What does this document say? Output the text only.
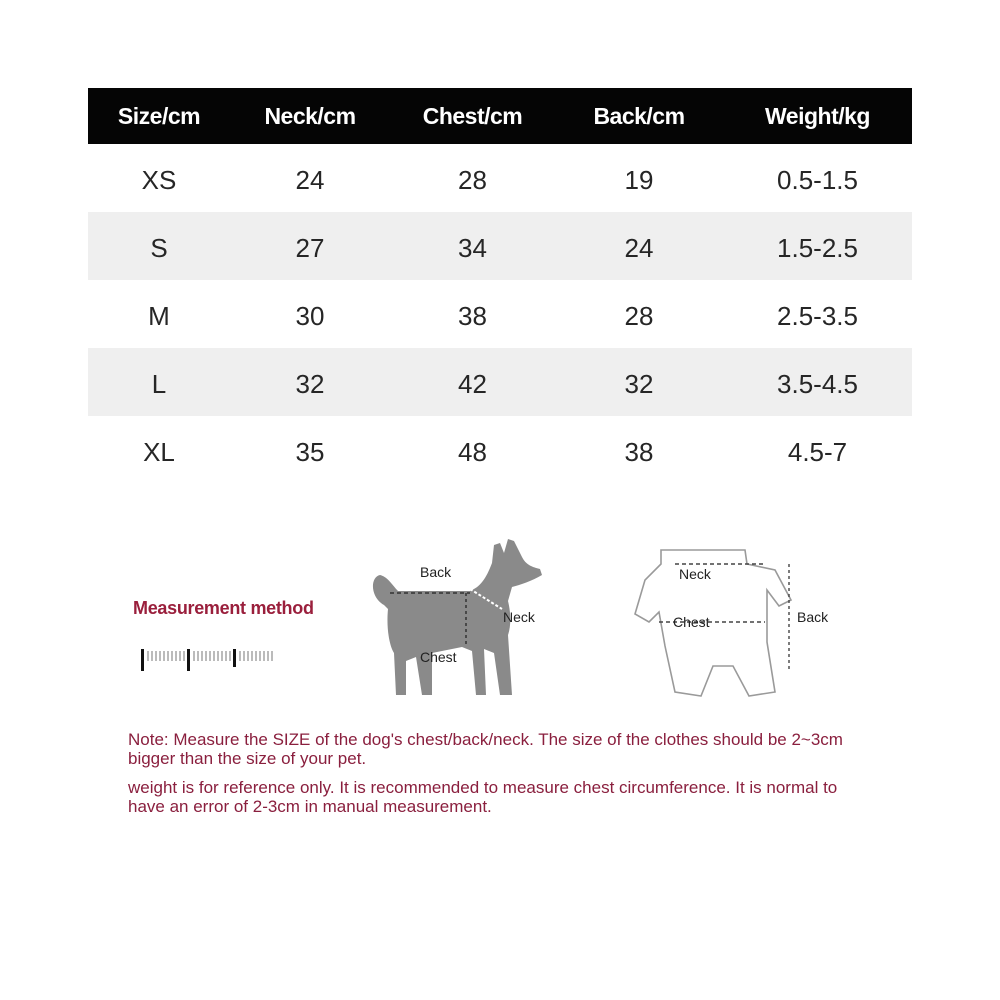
Size/cm	Neck/cm	Chest/cm	Back/cm	Weight/kg
XS	24	28	19	0.5-1.5
S	27	34	24	1.5-2.5
M	30	38	28	2.5-3.5
L	32	42	32	3.5-4.5
XL	35	48	38	4.5-7
Measurement method
Back
Neck
Chest
Neck
Chest	Back
Note: Measure the SIZE of the dog's chest/back/neck. The size of the clothes should be 2~3cm bigger than the size of your pet.
weight is for reference only. It is recommended to measure chest circumference. It is normal to have an error of 2-3cm in manual measurement.
